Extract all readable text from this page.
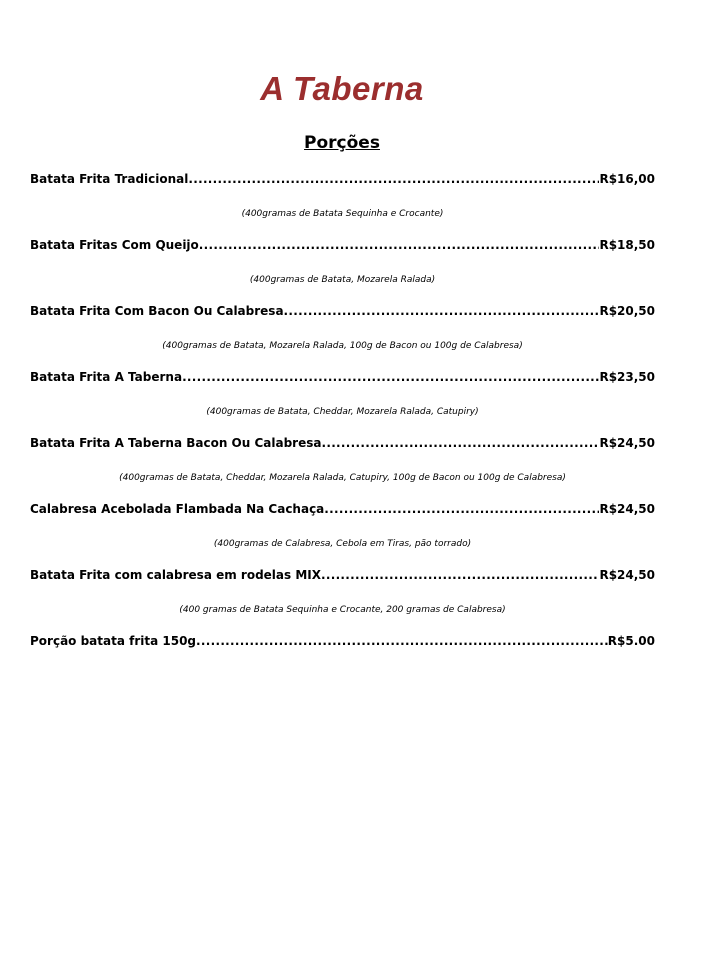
A Taberna
Porções
Batata Frita Tradicional .....	R$16,00
(400gramas de Batata Sequinha e Crocante)
Batata Fritas Com Queijo .....	R$18,50
(400gramas de Batata, Mozarela Ralada)
Batata Frita Com Bacon Ou Calabresa .....	R$20,50
(400gramas de Batata, Mozarela Ralada, 100g de Bacon ou 100g de Calabresa)
Batata Frita A Taberna .....	R$23,50
(400gramas de Batata, Cheddar, Mozarela Ralada, Catupiry)
Batata Frita A Taberna Bacon Ou Calabresa .....	R$24,50
(400gramas de Batata, Cheddar, Mozarela Ralada, Catupiry, 100g de Bacon ou 100g de Calabresa)
Calabresa Acebolada Flambada Na Cachaça .....	R$24,50
(400gramas de Calabresa, Cebola em Tiras, pão torrado)
Batata Frita com calabresa em rodelas MIX .....	R$24,50
(400 gramas de Batata Sequinha e Crocante, 200 gramas de Calabresa)
Porção batata frita 150g .....	R$5.00
